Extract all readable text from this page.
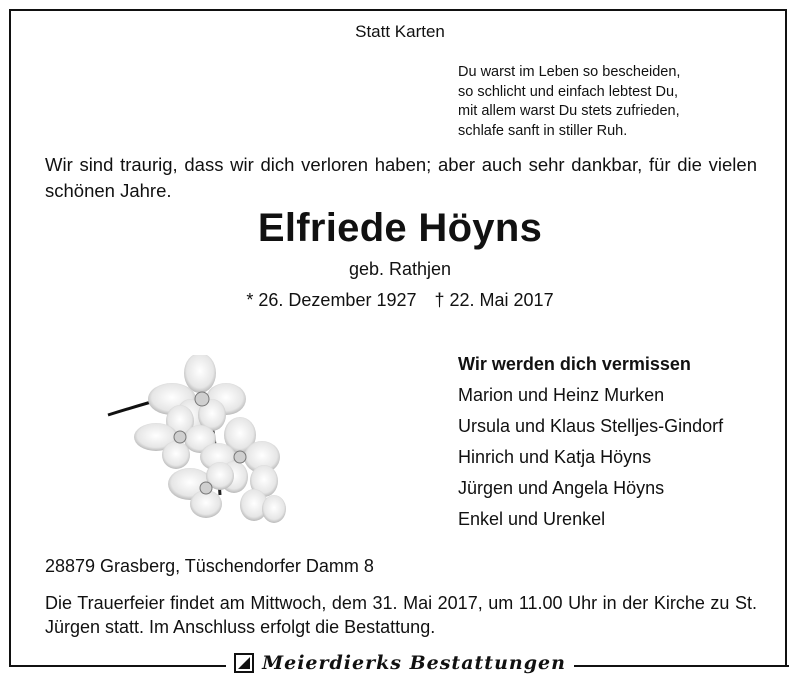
Statt Karten
Du warst im Leben so bescheiden,
so schlicht und einfach lebtest Du,
mit allem warst Du stets zufrieden,
schlafe sanft in stiller Ruh.
Wir sind traurig, dass wir dich verloren haben; aber auch sehr dankbar, für die vielen schönen Jahre.
Elfriede Höyns
geb. Rathjen
* 26. Dezember 1927 † 22. Mai 2017
Wir werden dich vermissen
Marion und Heinz Murken
Ursula und Klaus Stelljes-Gindorf
Hinrich und Katja Höyns
Jürgen und Angela Höyns
Enkel und Urenkel
28879 Grasberg, Tüschendorfer Damm 8
Die Trauerfeier findet am Mittwoch, dem 31. Mai 2017, um 11.00 Uhr in der Kirche zu St. Jürgen statt. Im Anschluss erfolgt die Bestattung.
Meierdierks Bestattungen
